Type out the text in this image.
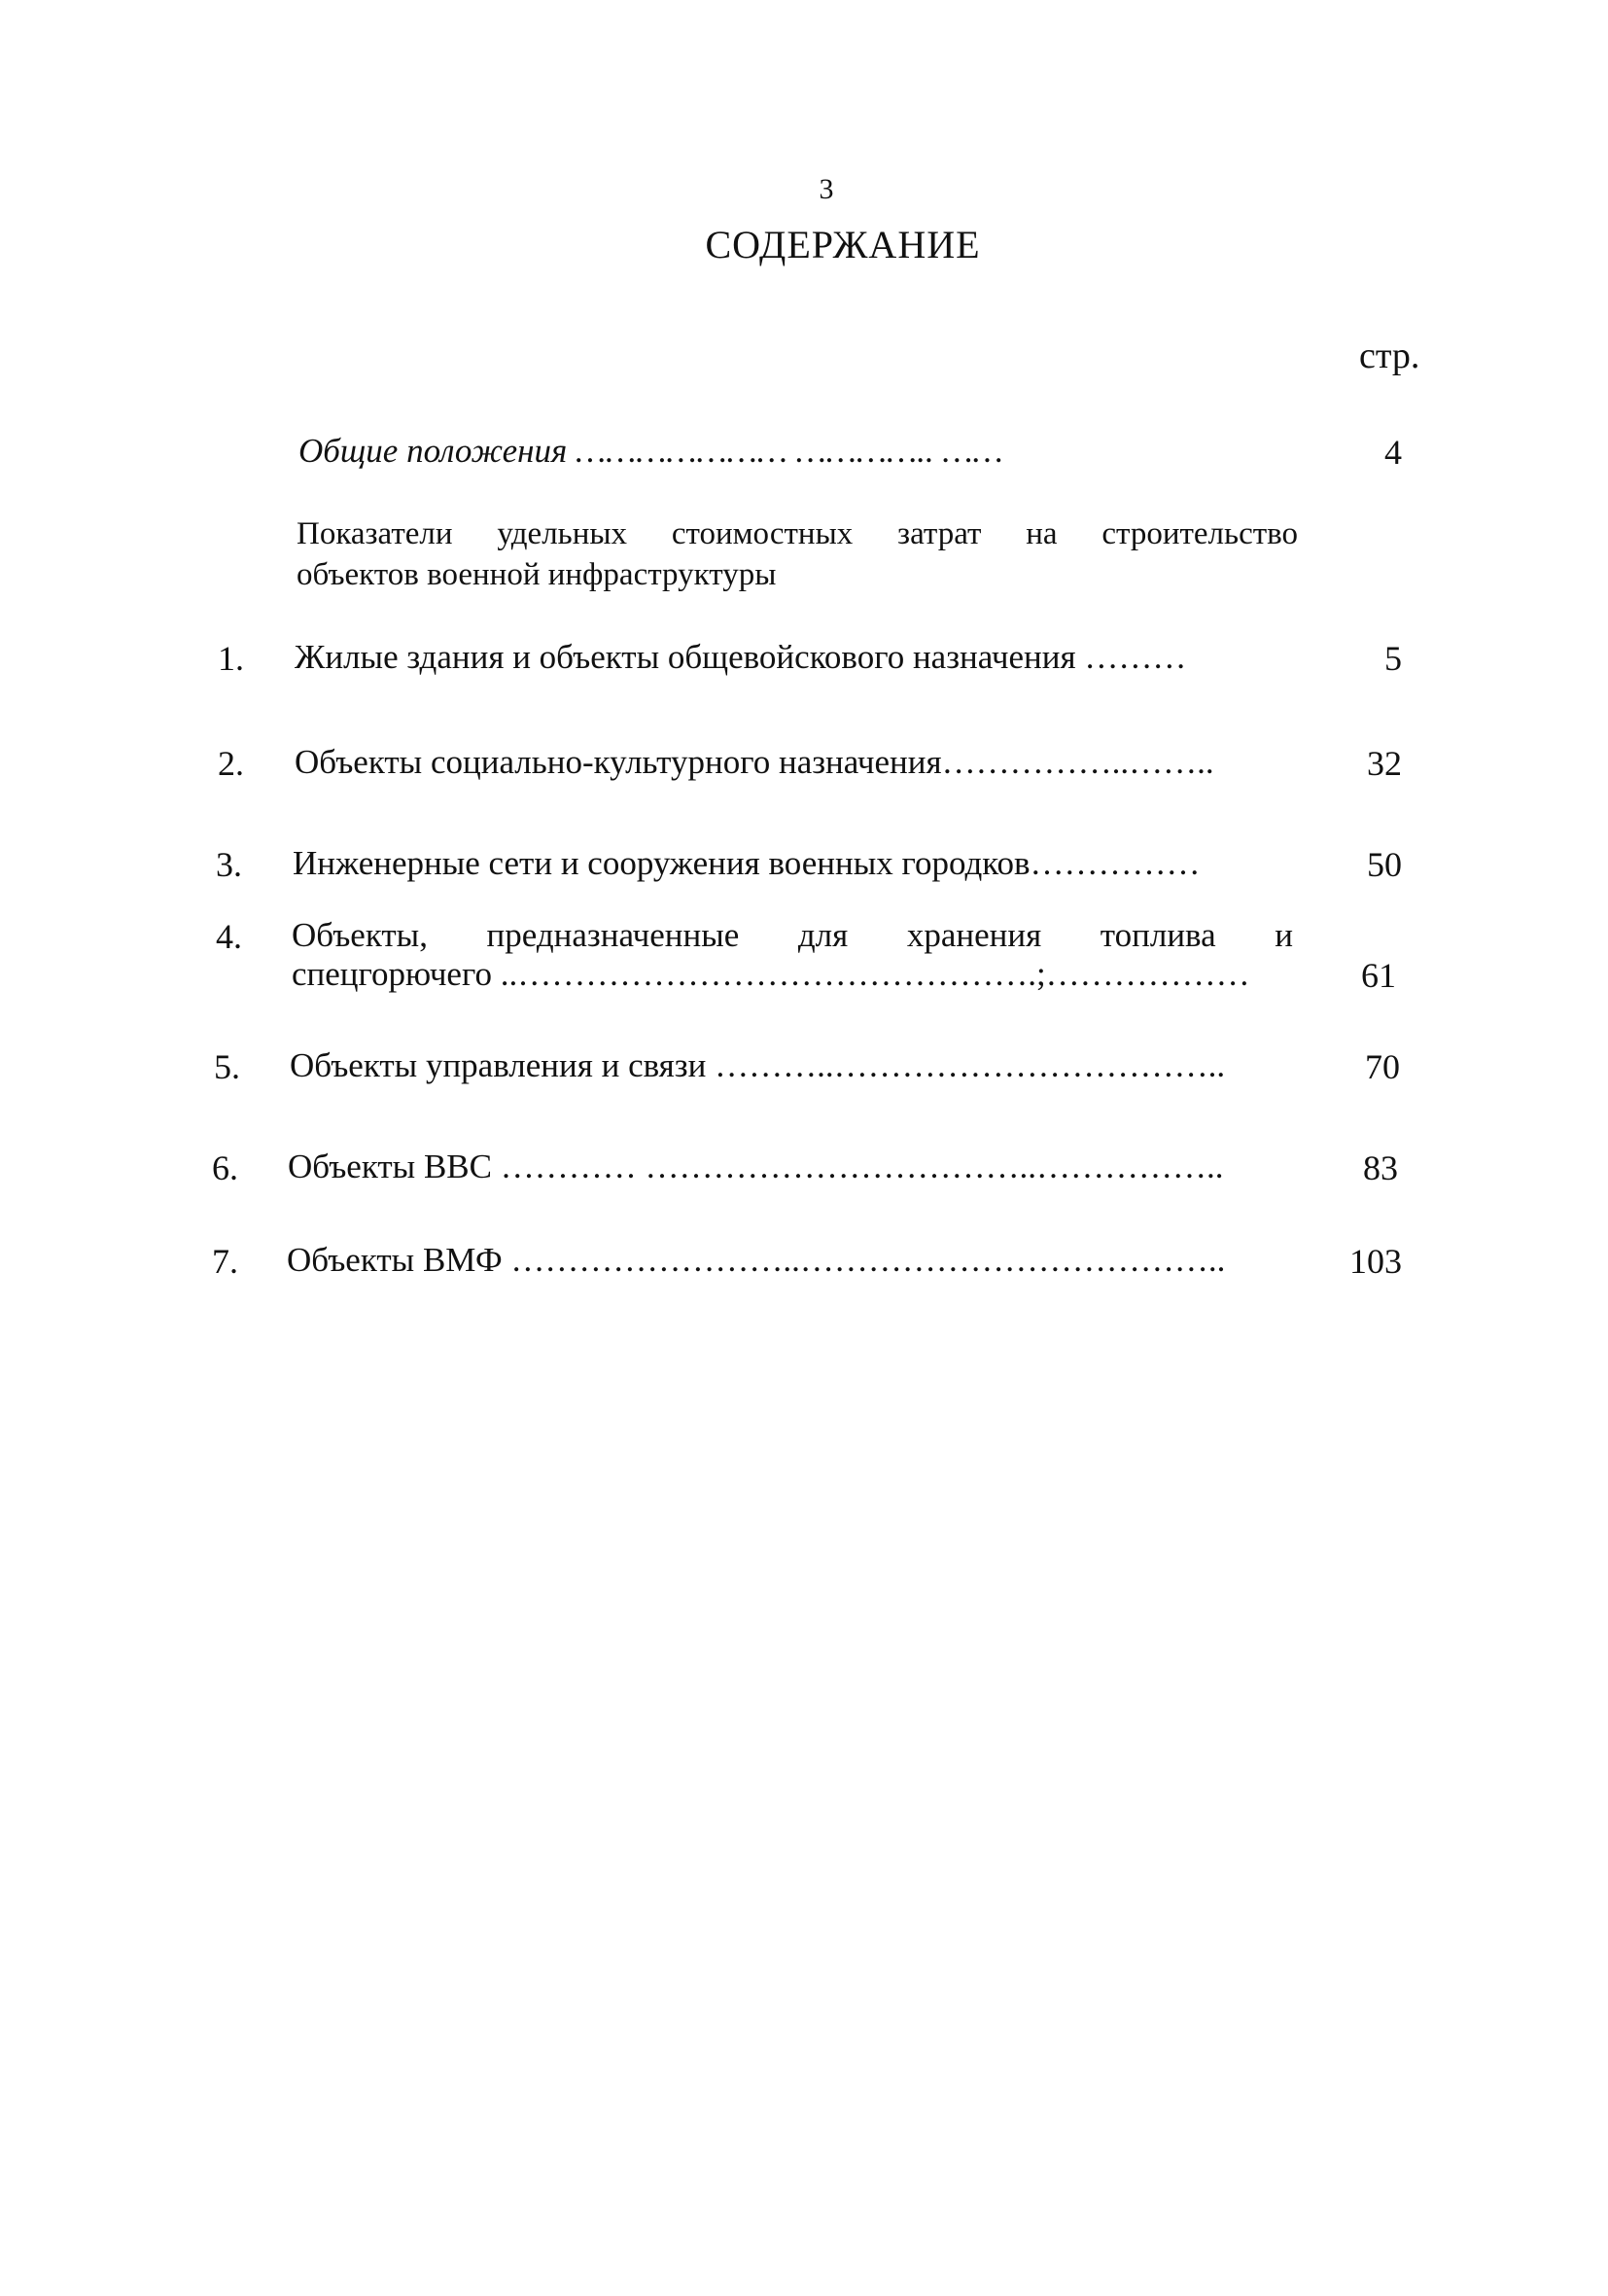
3
СОДЕРЖАНИЕ
стр.
Общие положения ………………… ………….. ……	4
Показатели удельных стоимостных затрат на строительство
объектов военной инфраструктуры
1. Жилые здания и объекты общевойскового назначения ………	5
2. Объекты социально-культурного назначения……………..……..	32
3. Инженерные сети и сооружения военных городков……………	50
4. Объекты, предназначенные для хранения топлива и
спецгорючего ..……………………………………….;………………	61
5. Объекты управления и связи ………..……………………………..	70
6. Объекты ВВС ………… ……………………………..……………..	83
7. Объекты ВМФ ……………………..………………………………..	103
